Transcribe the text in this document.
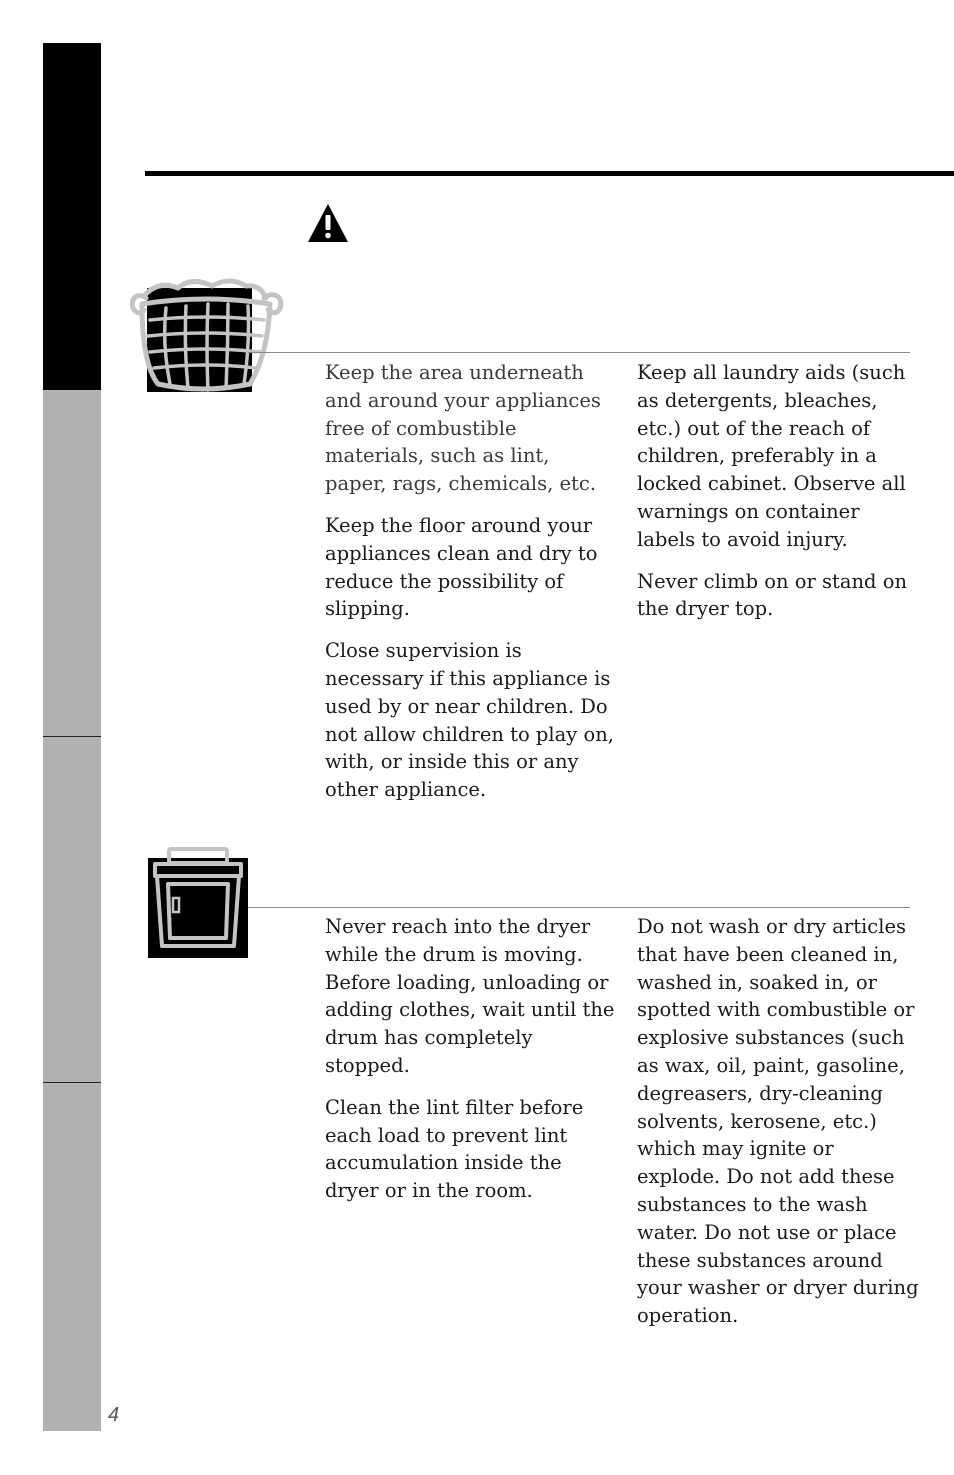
Keep the area underneath and around your appliances free of combustible materials, such as lint, paper, rags, chemicals, etc.

Keep the floor around your appliances clean and dry to reduce the possibility of slipping.

Close supervision is necessary if this appliance is used by or near children. Do not allow children to play on, with, or inside this or any other appliance.

Keep all laundry aids (such as detergents, bleaches, etc.) out of the reach of children, preferably in a locked cabinet. Observe all warnings on container labels to avoid injury.

Never climb on or stand on the dryer top.

Never reach into the dryer while the drum is moving. Before loading, unloading or adding clothes, wait until the drum has completely stopped.

Clean the lint filter before each load to prevent lint accumulation inside the dryer or in the room.

Do not wash or dry articles that have been cleaned in, washed in, soaked in, or spotted with combustible or explosive substances (such as wax, oil, paint, gasoline, degreasers, dry-cleaning solvents, kerosene, etc.) which may ignite or explode. Do not add these substances to the wash water. Do not use or place these substances around your washer or dryer during operation.

4
